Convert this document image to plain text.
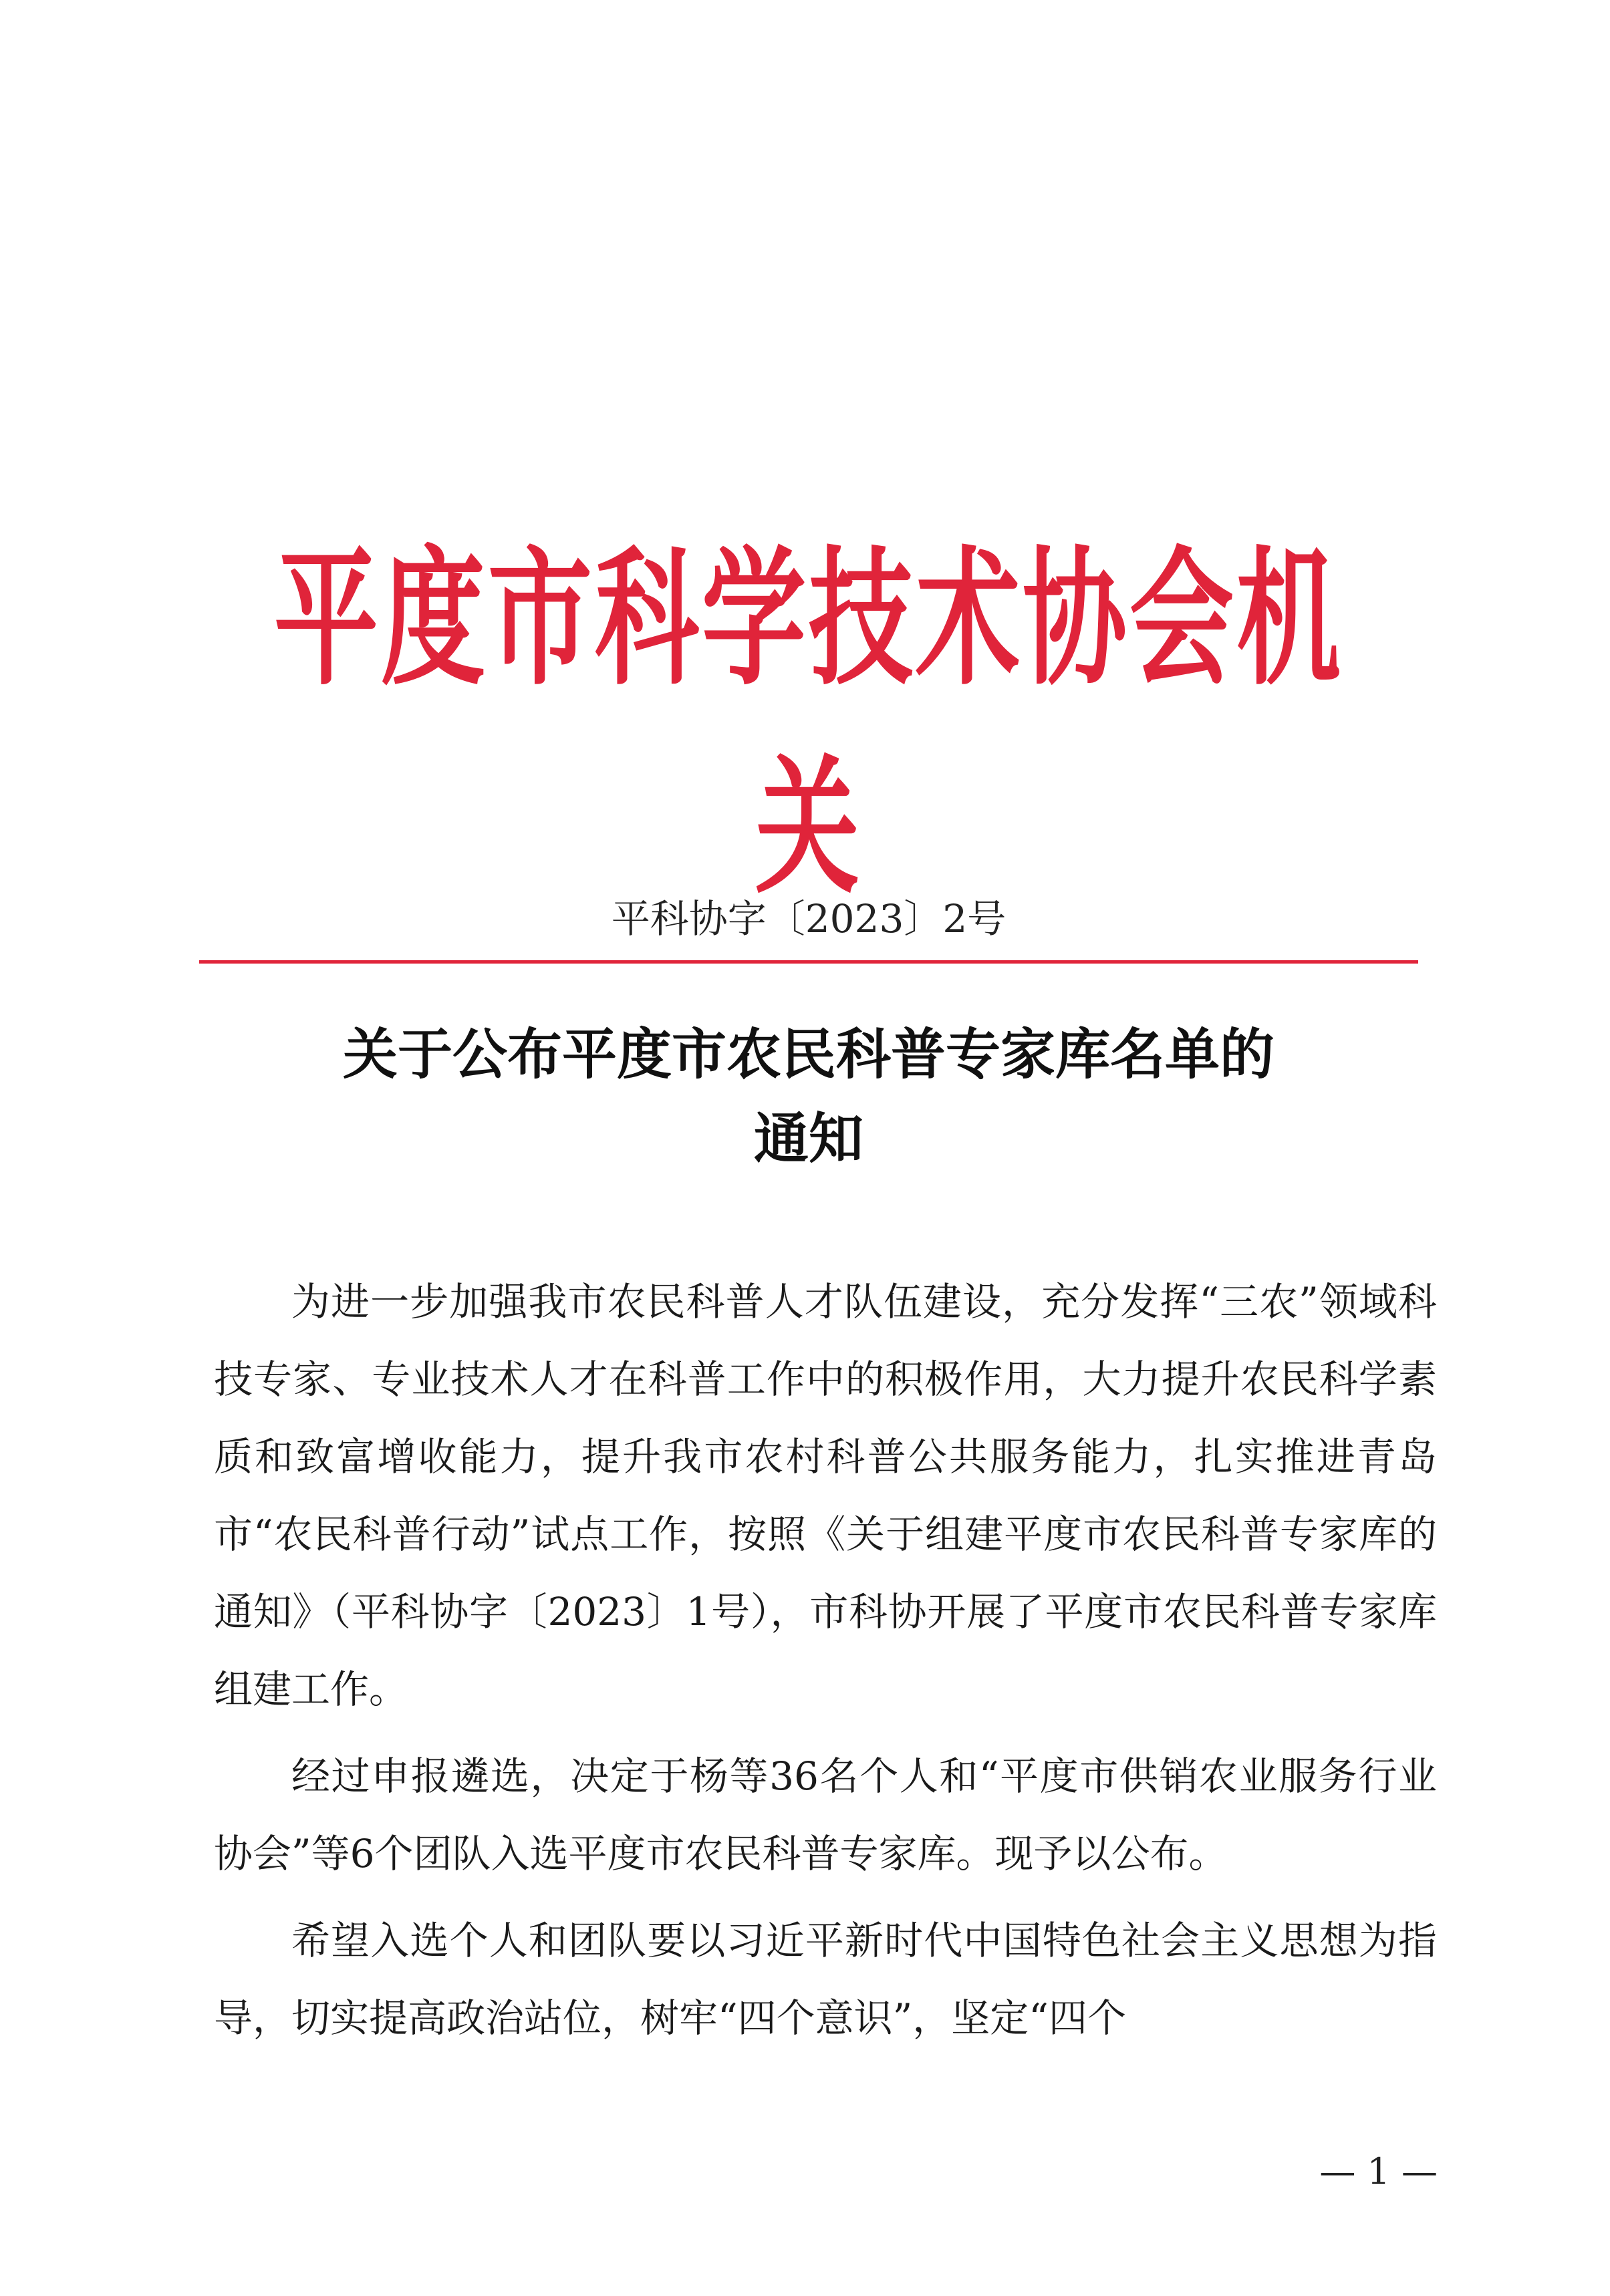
平度市科学技术协会机关
平科协字〔2023〕2号
关于公布平度市农民科普专家库名单的
通知

为进一步加强我市农民科普人才队伍建设，充分发挥“三农”领域科技专家、专业技术人才在科普工作中的积极作用，大力提升农民科学素质和致富增收能力，提升我市农村科普公共服务能力，扎实推进青岛市“农民科普行动”试点工作，按照《关于组建平度市农民科普专家库的通知》（平科协字〔2023〕1号），市科协开展了平度市农民科普专家库组建工作。

经过申报遴选，决定于杨等36名个人和“平度市供销农业服务行业协会”等6个团队入选平度市农民科普专家库。现予以公布。

希望入选个人和团队要以习近平新时代中国特色社会主义思想为指导，切实提高政治站位，树牢“四个意识”，坚定“四个

— 1 —
